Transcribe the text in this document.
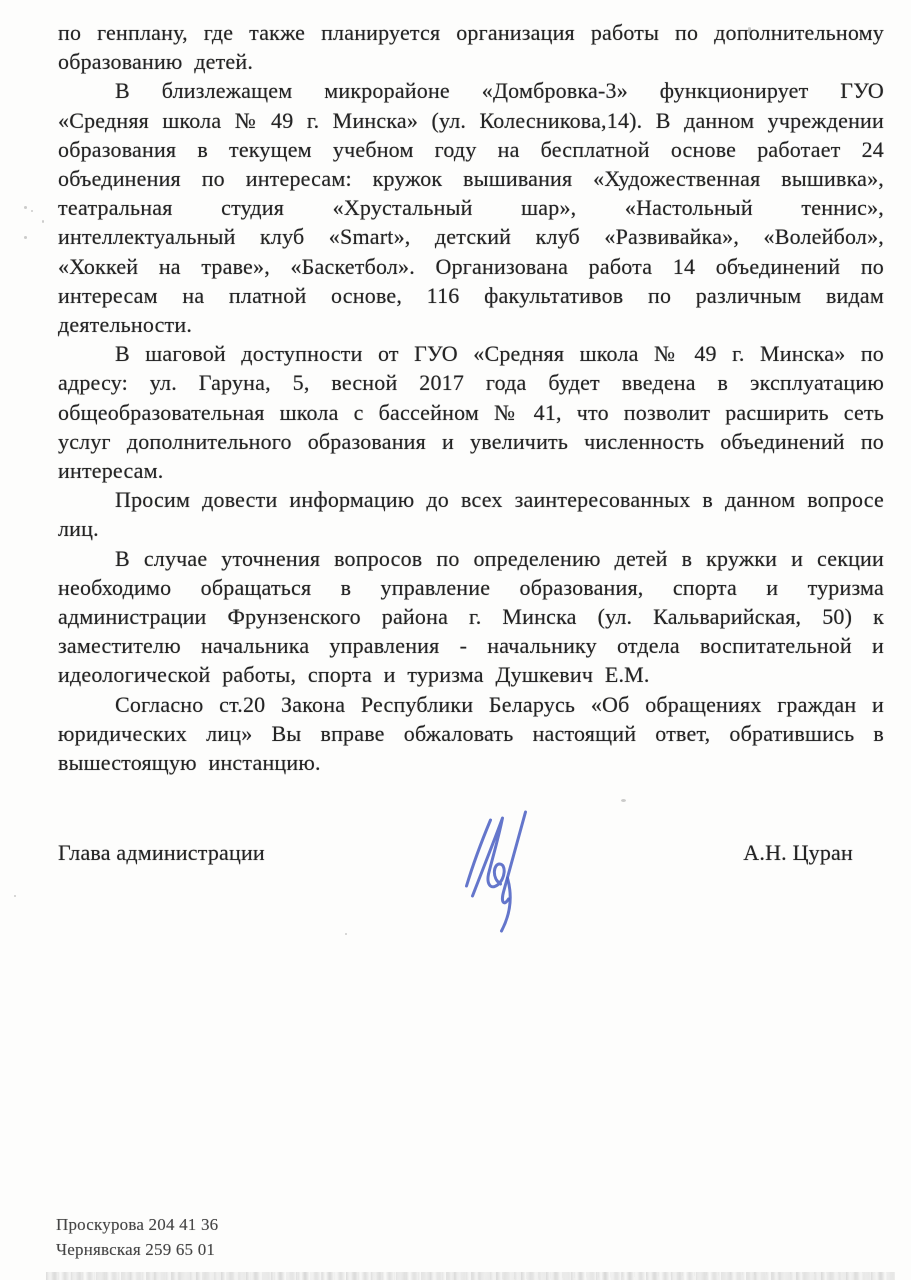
по генплану, где также планируется организация работы по дополнительному образованию детей.

В близлежащем микрорайоне «Домбровка-3» функционирует ГУО «Средняя школа № 49 г. Минска» (ул. Колесникова,14). В данном учреждении образования в текущем учебном году на бесплатной основе работает 24 объединения по интересам: кружок вышивания «Художественная вышивка», театральная студия «Хрустальный шар», «Настольный теннис», интеллектуальный клуб «Smart», детский клуб «Развивайка», «Волейбол», «Хоккей на траве», «Баскетбол». Организована работа 14 объединений по интересам на платной основе, 116 факультативов по различным видам деятельности.

В шаговой доступности от ГУО «Средняя школа № 49 г. Минска» по адресу: ул. Гаруна, 5, весной 2017 года будет введена в эксплуатацию общеобразовательная школа с бассейном № 41, что позволит расширить сеть услуг дополнительного образования и увеличить численность объединений по интересам.

Просим довести информацию до всех заинтересованных в данном вопросе лиц.

В случае уточнения вопросов по определению детей в кружки и секции необходимо обращаться в управление образования, спорта и туризма администрации Фрунзенского района г. Минска (ул. Кальварийская, 50) к заместителю начальника управления - начальнику отдела воспитательной и идеологической работы, спорта и туризма Душкевич Е.М.

Согласно ст.20 Закона Республики Беларусь «Об обращениях граждан и юридических лиц» Вы вправе обжаловать настоящий ответ, обратившись в вышестоящую инстанцию.

Глава администрации	А.Н. Цуран
Проскурова 204 41 36
Чернявская 259 65 01
